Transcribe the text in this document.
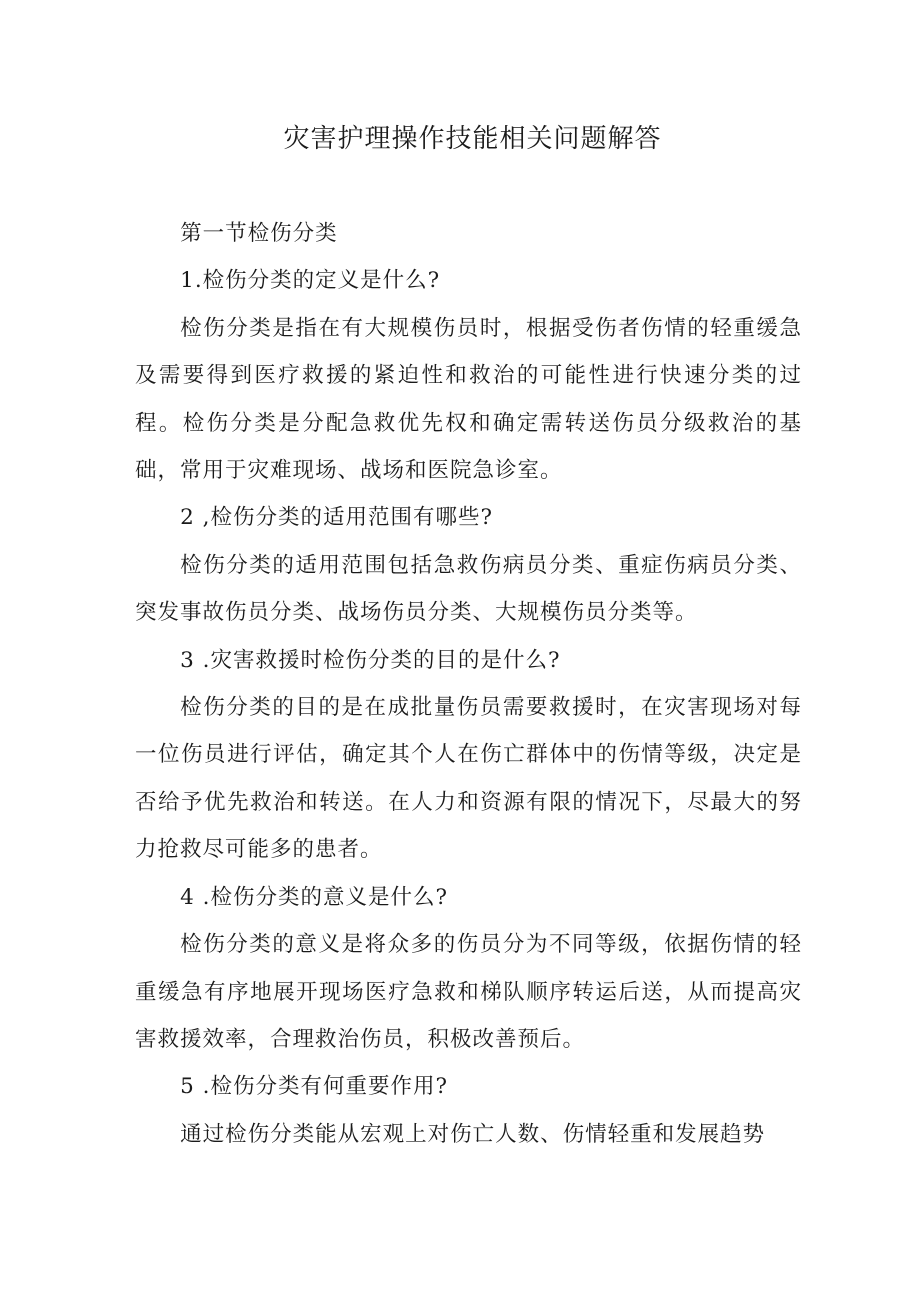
灾害护理操作技能相关问题解答

第一节检伤分类

1.检伤分类的定义是什么?

检伤分类是指在有大规模伤员时，根据受伤者伤情的轻重缓急及需要得到医疗救援的紧迫性和救治的可能性进行快速分类的过程。检伤分类是分配急救优先权和确定需转送伤员分级救治的基础，常用于灾难现场、战场和医院急诊室。

2 ,检伤分类的适用范围有哪些?

检伤分类的适用范围包括急救伤病员分类、重症伤病员分类、突发事故伤员分类、战场伤员分类、大规模伤员分类等。

3 .灾害救援时检伤分类的目的是什么?

检伤分类的目的是在成批量伤员需要救援时，在灾害现场对每一位伤员进行评估，确定其个人在伤亡群体中的伤情等级，决定是否给予优先救治和转送。在人力和资源有限的情况下，尽最大的努力抢救尽可能多的患者。

4 .检伤分类的意义是什么?

检伤分类的意义是将众多的伤员分为不同等级，依据伤情的轻重缓急有序地展开现场医疗急救和梯队顺序转运后送，从而提高灾害救援效率，合理救治伤员，积极改善预后。

5 .检伤分类有何重要作用?

通过检伤分类能从宏观上对伤亡人数、伤情轻重和发展趋势
